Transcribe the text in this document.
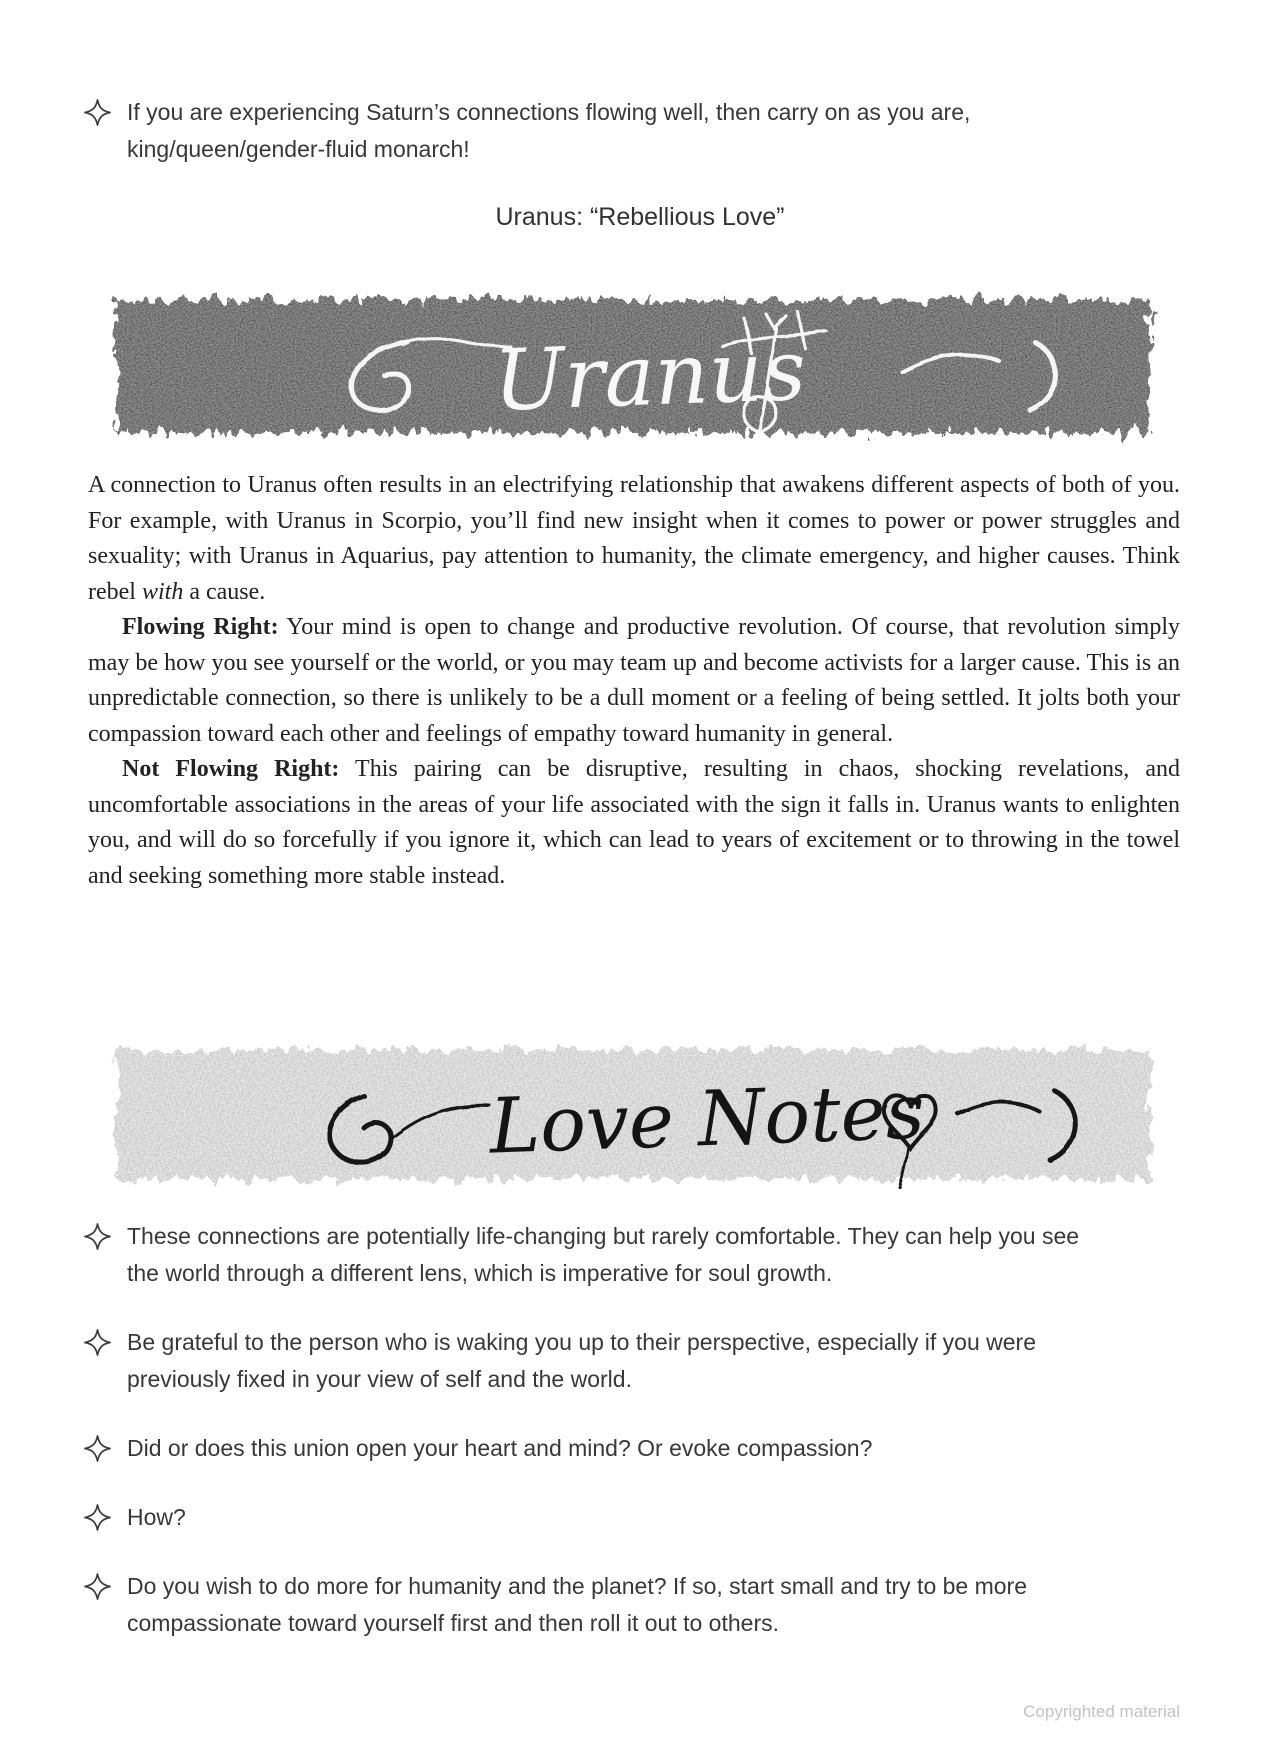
If you are experiencing Saturn’s connections flowing well, then carry on as you are, king/queen/gender-fluid monarch!
Uranus: “Rebellious Love”
Uranus

A connection to Uranus often results in an electrifying relationship that awakens different aspects of both of you. For example, with Uranus in Scorpio, you’ll find new insight when it comes to power or power struggles and sexuality; with Uranus in Aquarius, pay attention to humanity, the climate emergency, and higher causes. Think rebel with a cause.

Flowing Right: Your mind is open to change and productive revolution. Of course, that revolution simply may be how you see yourself or the world, or you may team up and become activists for a larger cause. This is an unpredictable connection, so there is unlikely to be a dull moment or a feeling of being settled. It jolts both your compassion toward each other and feelings of empathy toward humanity in general.

Not Flowing Right: This pairing can be disruptive, resulting in chaos, shocking revelations, and uncomfortable associations in the areas of your life associated with the sign it falls in. Uranus wants to enlighten you, and will do so forcefully if you ignore it, which can lead to years of excitement or to throwing in the towel and seeking something more stable instead.

Love Notes
These connections are potentially life-changing but rarely comfortable. They can help you see the world through a different lens, which is imperative for soul growth.
Be grateful to the person who is waking you up to their perspective, especially if you were previously fixed in your view of self and the world.
Did or does this union open your heart and mind? Or evoke compassion?
How?
Do you wish to do more for humanity and the planet? If so, start small and try to be more compassionate toward yourself first and then roll it out to others.
Copyrighted material
